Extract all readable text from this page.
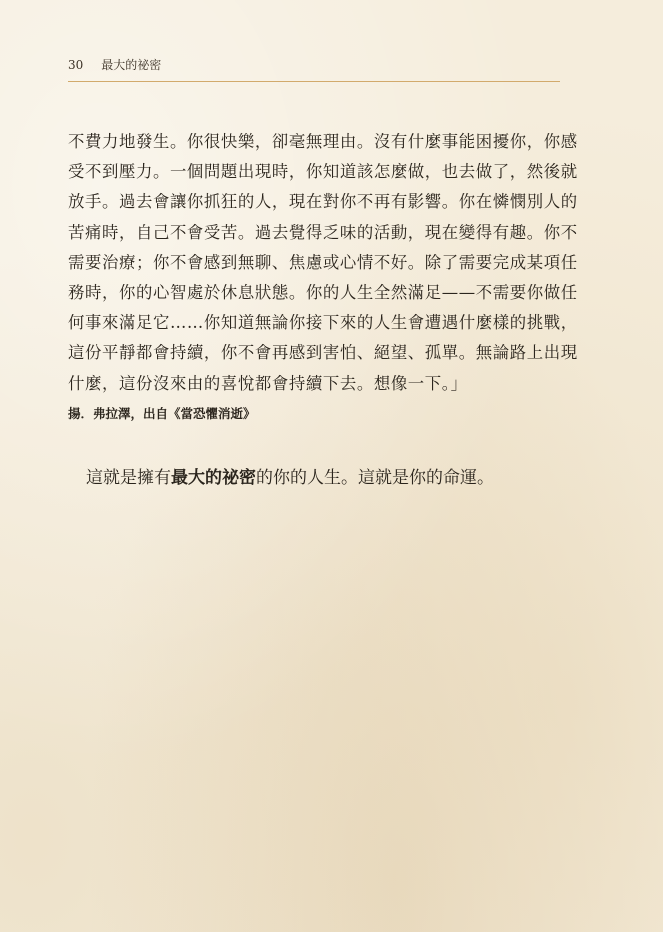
30 最大的祕密
不費力地發生。你很快樂，卻毫無理由。沒有什麼事能困擾你，你感
受不到壓力。一個問題出現時，你知道該怎麼做，也去做了，然後就
放手。過去會讓你抓狂的人，現在對你不再有影響。你在憐憫別人的
苦痛時，自己不會受苦。過去覺得乏味的活動，現在變得有趣。你不
需要治療；你不會感到無聊、焦慮或心情不好。除了需要完成某項任
務時，你的心智處於休息狀態。你的人生全然滿足——不需要你做任
何事來滿足它……你知道無論你接下來的人生會遭遇什麼樣的挑戰，
這份平靜都會持續，你不會再感到害怕、絕望、孤單。無論路上出現
什麼，這份沒來由的喜悅都會持續下去。想像一下。」
揚．弗拉澤，出自《當恐懼消逝》
這就是擁有最大的祕密的你的人生。這就是你的命運。
